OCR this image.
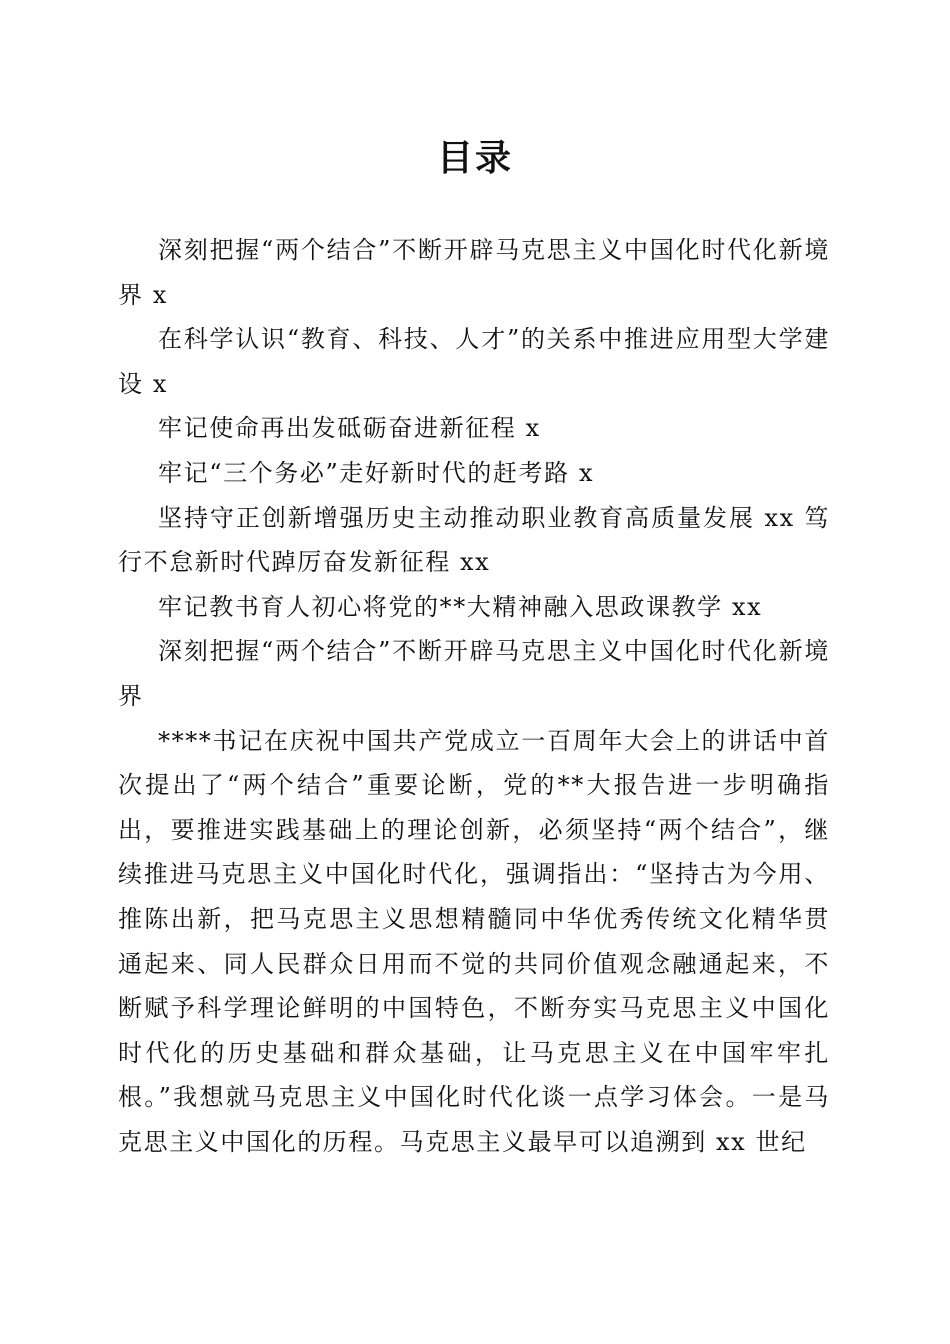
目录

深刻把握“两个结合”不断开辟马克思主义中国化时代化新境界 x

在科学认识“教育、科技、人才”的关系中推进应用型大学建设 x

牢记使命再出发砥砺奋进新征程 x

牢记“三个务必”走好新时代的赶考路 x

坚持守正创新增强历史主动推动职业教育高质量发展 xx 笃行不怠新时代踔厉奋发新征程 xx

牢记教书育人初心将党的**大精神融入思政课教学 xx

深刻把握“两个结合”不断开辟马克思主义中国化时代化新境界

****书记在庆祝中国共产党成立一百周年大会上的讲话中首次提出了“两个结合”重要论断，党的**大报告进一步明确指出，要推进实践基础上的理论创新，必须坚持“两个结合”，继续推进马克思主义中国化时代化，强调指出：“坚持古为今用、推陈出新，把马克思主义思想精髓同中华优秀传统文化精华贯通起来、同人民群众日用而不觉的共同价值观念融通起来，不断赋予科学理论鲜明的中国特色，不断夯实马克思主义中国化时代化的历史基础和群众基础，让马克思主义在中国牢牢扎根。”我想就马克思主义中国化时代化谈一点学习体会。一是马克思主义中国化的历程。马克思主义最早可以追溯到 xx 世纪
